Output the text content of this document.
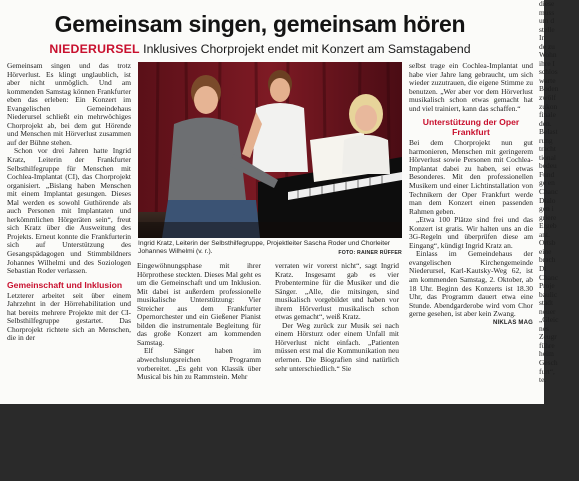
Gemeinsam singen, gemeinsam hören
NIEDERURSEL Inklusives Chorprojekt endet mit Konzert am Samstagabend

Gemeinsam singen und das trotz Hörverlust. Es klingt unglaublich, ist aber nicht unmöglich. Und am kommenden Samstag können Frankfurter eben das erleben: Ein Konzert im Evangelischen Gemeindehaus Niederursel schließt ein mehrwöchiges Chorprojekt ab, bei dem gut Hörende und Menschen mit Hörverlust zusammen auf der Bühne stehen.

Schon vor drei Jahren hatte Ingrid Kratz, Leiterin der Frankfurter Selbsthilfegruppe für Menschen mit Cochlea-Implantat (CI), das Chorprojekt organisiert. „Bislang haben Menschen mit einem Implantat gesungen. Dieses Mal werden es sowohl Guthörende als auch Personen mit Implantaten und herkömmlichen Hörgeräten sein“, freut sich Kratz über die Ausweitung des Projekts. Erneut konnte die Frankfurterin sich auf Unterstützung des Gesangspädagogen und Stimmbildners Johannes Wilhelmi und des Soziologen Sebastian Roder verlassen.

Gemeinschaft und Inklusion

Letzterer arbeitet seit über einem Jahrzehnt in der Hörrehabilitation und hat bereits mehrere Projekte mit der CI-Selbsthilfegruppe gestartet. Das Chorprojekt richtete sich an Menschen, die in der

Ingrid Kratz, Leiterin der Selbsthilfegruppe, Projektleiter Sascha Roder und Chorleiter Johannes Wilhelmi (v. r.).	FOTO: RAINER RÜFFER

Eingewöhnungsphase mit ihrer Hörprothese steckten. Dieses Mal geht es um die Gemeinschaft und um Inklusion. Mit dabei ist außerdem professionelle musikalische Unterstützung: Vier Streicher aus dem Frankfurter Opernorchester und ein Gießener Pianist bilden die instrumentale Begleitung für das große Konzert am kommenden Samstag.

Elf Sänger haben im abwechslungsreichen Programm vorbereitet. „Es geht von Klassik über Musical bis hin zu Rammstein. Mehr

verraten wir vorerst nicht“, sagt Ingrid Kratz. Insgesamt gab es vier Probentermine für die Musiker und die Sänger. „Alle, die mitsingen, sind musikalisch vorgebildet und haben vor ihrem Hörverlust musikalisch schon etwas gemacht“, weiß Kratz.

Der Weg zurück zur Musik sei nach einem Hörsturz oder einem Unfall mit Hörverlust nicht einfach. „Patienten müssen erst mal die Kommunikation neu erlernen. Die Biografien sind natürlich sehr unterschiedlich.“ Sie

selbst trage ein Cochlea-Implantat und habe vier Jahre lang gebraucht, um sich wieder zuzutrauen, die eigene Stimme zu benutzen. „Wer aber vor dem Hörverlust musikalisch schon etwas gemacht hat und viel trainiert, kann das schaffen.“

Unterstützung der Oper Frankfurt

Bei dem Chorprojekt nun gut harmonieren, Menschen mit geringerem Hörverlust sowie Personen mit Cochlea-Implantat dabei zu haben, sei etwas Besonderes. Mit den professionellen Musikern und einer Lichtinstallation von Technikern der Oper Frankfurt werde man dem Konzert einen passenden Rahmen geben.

„Etwa 100 Plätze sind frei und das Konzert ist gratis. Wir halten uns an die 3G-Regeln und überprüfen diese am Eingang“, kündigt Ingrid Kratz an.

Einlass im Gemeindehaus der evangelischen Kirchengemeinde Niederursel, Karl-Kautsky-Weg 62, ist am kommenden Samstag, 2. Oktober, ab 18 Uhr. Beginn des Konzerts ist 18.30 Uhr, das Programm dauert etwa eine Stunde. Abendgarderobe wird vom Chor gerne gesehen, ist aber kein Zwang.
NIKLAS MAG

diese
muss
um d
stelle
In
de zu
Wohn
ihre I
schlos
warte
Boden
zwölf
zukon
finale
den.
Belast
rung
tracht
tional
bedeu
Fund
ge en
Chanc
Dialo
gen i
griere
Ergeb
ant.
Ortsb
eine
brach
Di
Chanc
Proje
baulic
stadt
neuer
„Gleic
nes
Zeugr
führe
heim
Gesch
furt“,
te.
